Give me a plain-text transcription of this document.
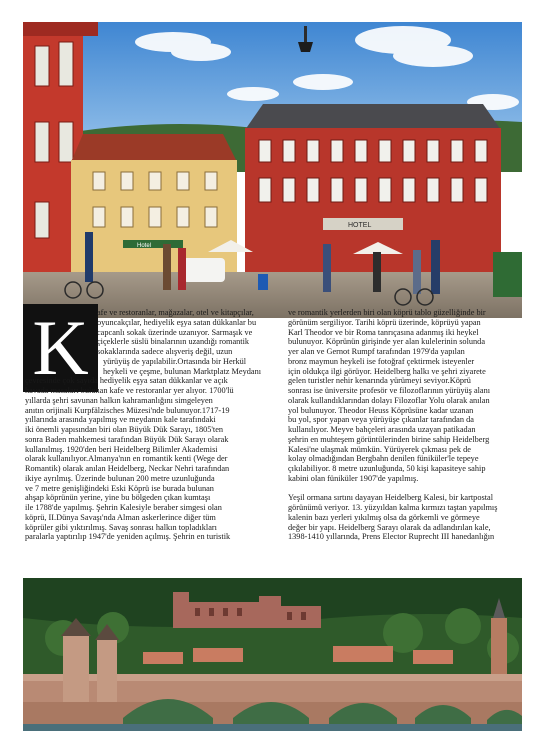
Hotel
HOTEL
K	afe ve restoranlar, mağazalar, otel ve kitapçılar,
oyuncakçılar, hediyelik eşya satan dükkanlar bu
capcanlı sokak üzerinde uzanıyor. Sarmaşık ve
çiçeklerle süslü binalarının uzandığı romantik
sokaklarında sadece alışveriş değil, uzun
yürüyüş de yapılabilir.Ortasında bir Herkül
heykeli ve çeşme, bulunan Marktplatz Meydanı
çevresinde çok sayıda hediyelik eşya satan dükkanlar ve açık
havada masaları bulunan kafe ve restoranlar yer alıyor. 1700'lü
yıllarda şehri savunan halkın kahramanlığını simgeleyen
anıtın orijinali Kurpfälzisches Müzesi'nde bulunuyor.1717-19
yıllarında arasında yapılmış ve meydanın kale tarafındaki
iki önemli yapısından biri olan Büyük Dük Sarayı, 1805'ten
sonra Baden mahkemesi tarafından Büyük Dük Sarayı olarak
kullanılmış. 1920'den beri Heidelberg Bilimler Akademisi
olarak kullanılıyor.Almanya'nın en romantik kenti (Wege der
Romantik) olarak anılan Heidelberg, Neckar Nehri tarafından
ikiye ayrılmış. Üzerinde bulunan 200 metre uzunluğunda
ve 7 metre genişliğindeki Eski Köprü ise burada bulunan
ahşap köprünün yerine, yine bu bölgeden çıkan kumtaşı
ile 1788'de yapılmış. Şehrin Kalesiyle beraber simgesi olan
köprü, II.Dünya Savaşı'nda Alman askerlerince diğer tüm
köprüler gibi yıktırılmış. Savaş sonrası halkın topladıkları
paralarla yaptırılıp 1947'de yeniden açılmış. Şehrin en turistik

ve romantik yerlerden biri olan köprü tablo güzelliğinde bir
görünüm sergiliyor. Tarihi köprü üzerinde, köprüyü yapan
Karl Theodor ve bir Roma tanrıçasına adanmış iki heykel
bulunuyor. Köprünün girişinde yer alan kulelerinin solunda
yer alan ve Gernot Rumpf tarafından 1979'da yapılan
bronz maymun heykeli ise fotoğraf çektirmek isteyenler
için oldukça ilgi görüyor. Heidelberg halkı ve şehri ziyarete
gelen turistler nehir kenarında yürümeyi seviyor.Köprü
sonrası ise üniversite profesör ve filozoflarının yürüyüş alanı
olarak kullandıklarından dolayı Filozoflar Yolu olarak anılan
yol bulunuyor. Theodor Heuss Köprüsüne kadar uzanan
bu yol, spor yapan veya yürüyüşe çıkanlar tarafından da
kullanılıyor. Meyve bahçeleri arasında uzayan patikadan
şehrin en muhteşem görüntülerinden birine sahip Heidelberg
Kalesi'ne ulaşmak mümkün. Yürüyerek çıkması pek de
kolay olmadığından Bergbahn denilen füniküler'le tepeye
çıkılabiliyor. 8 metre uzunluğunda, 50 kişi kapasiteye sahip
kabini olan füniküler 1907'de yapılmış.
Yeşil ormana sırtını dayayan Heidelberg Kalesi, bir kartpostal
görünümü veriyor. 13. yüzyıldan kalma kırmızı taştan yapılmış
kalenin bazı yerleri yıkılmış olsa da görkemli ve görmeye
değer bir yapı. Heidelberg Sarayı olarak da adlandırılan kale,
1398-1410 yıllarında, Prens Elector Ruprecht III hanedanlığın
